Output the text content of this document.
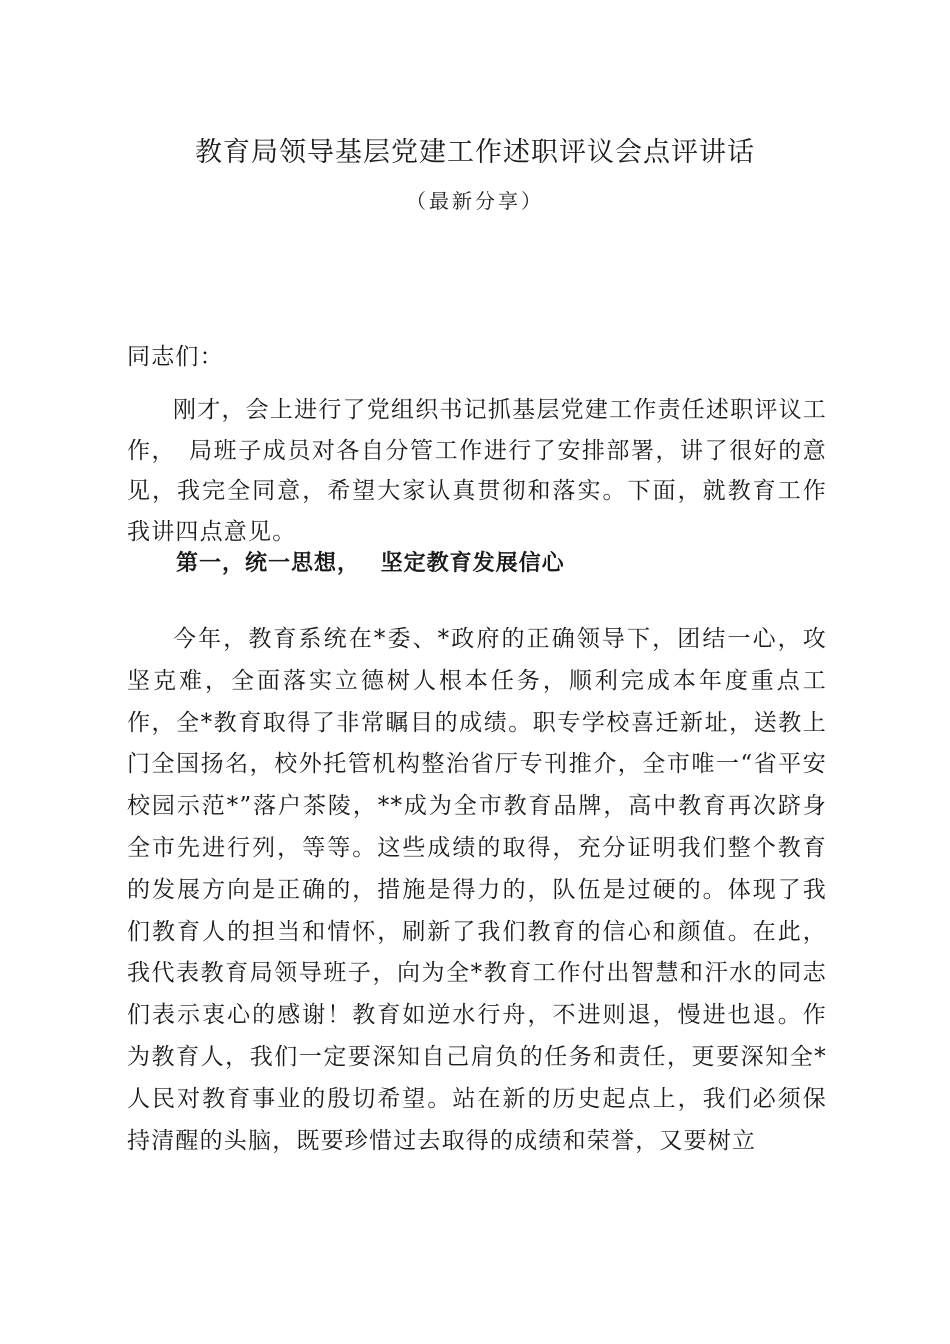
教育局领导基层党建工作述职评议会点评讲话
（最新分享）

同志们：

刚才，会上进行了党组织书记抓基层党建工作责任述职评议工作，　局班子成员对各自分管工作进行了安排部署，讲了很好的意见，我完全同意，希望大家认真贯彻和落实。下面，就教育工作我讲四点意见。

第一，统一思想，　 坚定教育发展信心

今年，教育系统在*委、*政府的正确领导下，团结一心，攻坚克难，全面落实立德树人根本任务，顺利完成本年度重点工作，全*教育取得了非常瞩目的成绩。职专学校喜迁新址，送教上门全国扬名，校外托管机构整治省厅专刊推介，全市唯一“省平安校园示范*”落户茶陵，**成为全市教育品牌，高中教育再次跻身全市先进行列，等等。这些成绩的取得，充分证明我们整个教育的发展方向是正确的，措施是得力的，队伍是过硬的。体现了我们教育人的担当和情怀，刷新了我们教育的信心和颜值。在此，我代表教育局领导班子，向为全*教育工作付出智慧和汗水的同志们表示衷心的感谢！教育如逆水行舟，不进则退，慢进也退。作为教育人，我们一定要深知自己肩负的任务和责任，更要深知全*人民对教育事业的殷切希望。站在新的历史起点上，我们必须保持清醒的头脑，既要珍惜过去取得的成绩和荣誉，又要树立
